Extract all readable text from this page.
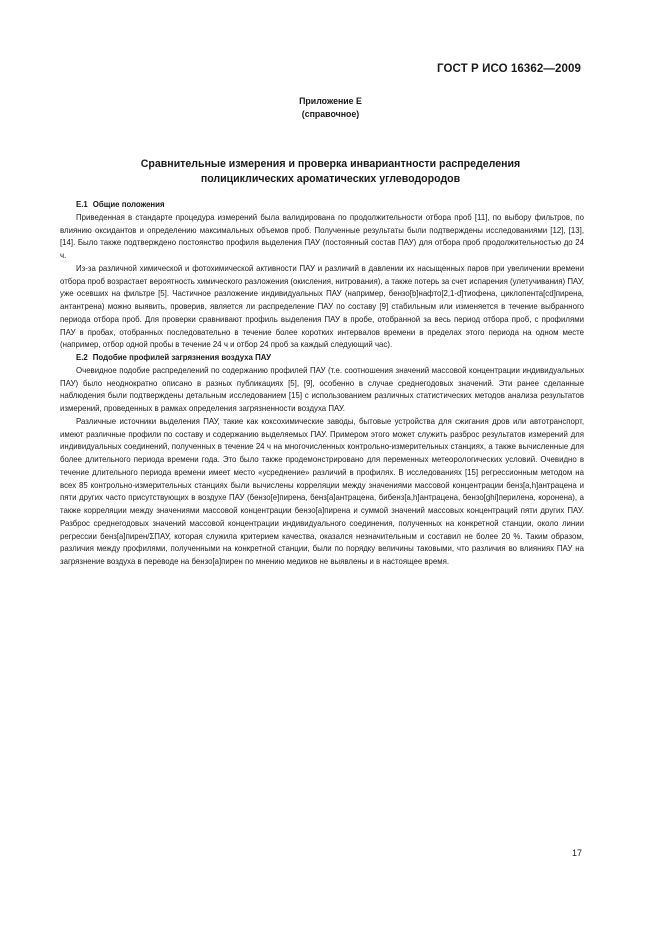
ГОСТ Р ИСО 16362—2009
Приложение Е
(справочное)
Сравнительные измерения и проверка инвариантности распределения
полициклических ароматических углеводородов
Е.1 Общие положения

Приведенная в стандарте процедура измерений была валидирована по продолжительности отбора проб [11], по выбору фильтров, по влиянию оксидантов и определению максимальных объемов проб. Полученные результаты были подтверждены исследованиями [12], [13], [14]. Было также подтверждено постоянство профиля выделения ПАУ (постоянный состав ПАУ) для отбора проб продолжительностью до 24 ч.

Из-за различной химической и фотохимической активности ПАУ и различий в давлении их насыщенных паров при увеличении времени отбора проб возрастает вероятность химического разложения (окисления, нитрования), а также потерь за счет испарения (улетучивания) ПАУ, уже осевших на фильтре [5]. Частичное разложение индивидуальных ПАУ (например, бензо[b]нафто[2,1-d]тиофена, циклопента[cd]пирена, антантрена) можно выявить, проверив, является ли распределение ПАУ по составу [9] стабильным или изменяется в течение выбранного периода отбора проб. Для проверки сравнивают профиль выделения ПАУ в пробе, отобранной за весь период отбора проб, с профилями ПАУ в пробах, отобранных последовательно в течение более коротких интервалов времени в пределах этого периода на одном месте (например, отбор одной пробы в течение 24 ч и отбор 24 проб за каждый следующий час).

Е.2 Подобие профилей загрязнения воздуха ПАУ

Очевидное подобие распределений по содержанию профилей ПАУ (т.е. соотношения значений массовой концентрации индивидуальных ПАУ) было неоднократно описано в разных публикациях [5], [9], особенно в случае среднегодовых значений. Эти ранее сделанные наблюдения были подтверждены детальным исследованием [15] с использованием различных статистических методов анализа результатов измерений, проведенных в рамках определения загрязненности воздуха ПАУ.

Различные источники выделения ПАУ, такие как коксохимические заводы, бытовые устройства для сжигания дров или автотранспорт, имеют различные профили по составу и содержанию выделяемых ПАУ. Примером этого может служить разброс результатов измерений для индивидуальных соединений, полученных в течение 24 ч на многочисленных контрольно-измерительных станциях, а также вычисленные для более длительного периода времени года. Это было также продемонстрировано для переменных метеорологических условий. Очевидно в течение длительного периода времени имеет место «усреднение» различий в профилях. В исследованиях [15] регрессионным методом на всех 85 контрольно-измерительных станциях были вычислены корреляции между значениями массовой концентрации бенз[a,h]антрацена и пяти других часто присутствующих в воздухе ПАУ (бензо[e]пирена, бенз[a]антрацена, бибенз[a,h]антрацена, бензо[ghi]перилена, коронена), а также корреляции между значениями массовой концентрации бензо[a]пирена и суммой значений массовых концентраций пяти других ПАУ. Разброс среднегодовых значений массовой концентрации индивидуального соединения, полученных на конкретной станции, около линии регрессии бенз[a]пирен/ΣПАУ, которая служила критерием качества, оказался незначительным и составил не более 20 %. Таким образом, различия между профилями, полученными на конкретной станции, были по порядку величины таковыми, что различия во влияниях ПАУ на загрязнение воздуха в переводе на бензо[a]пирен по мнению медиков не выявлены и в настоящее время.

17
